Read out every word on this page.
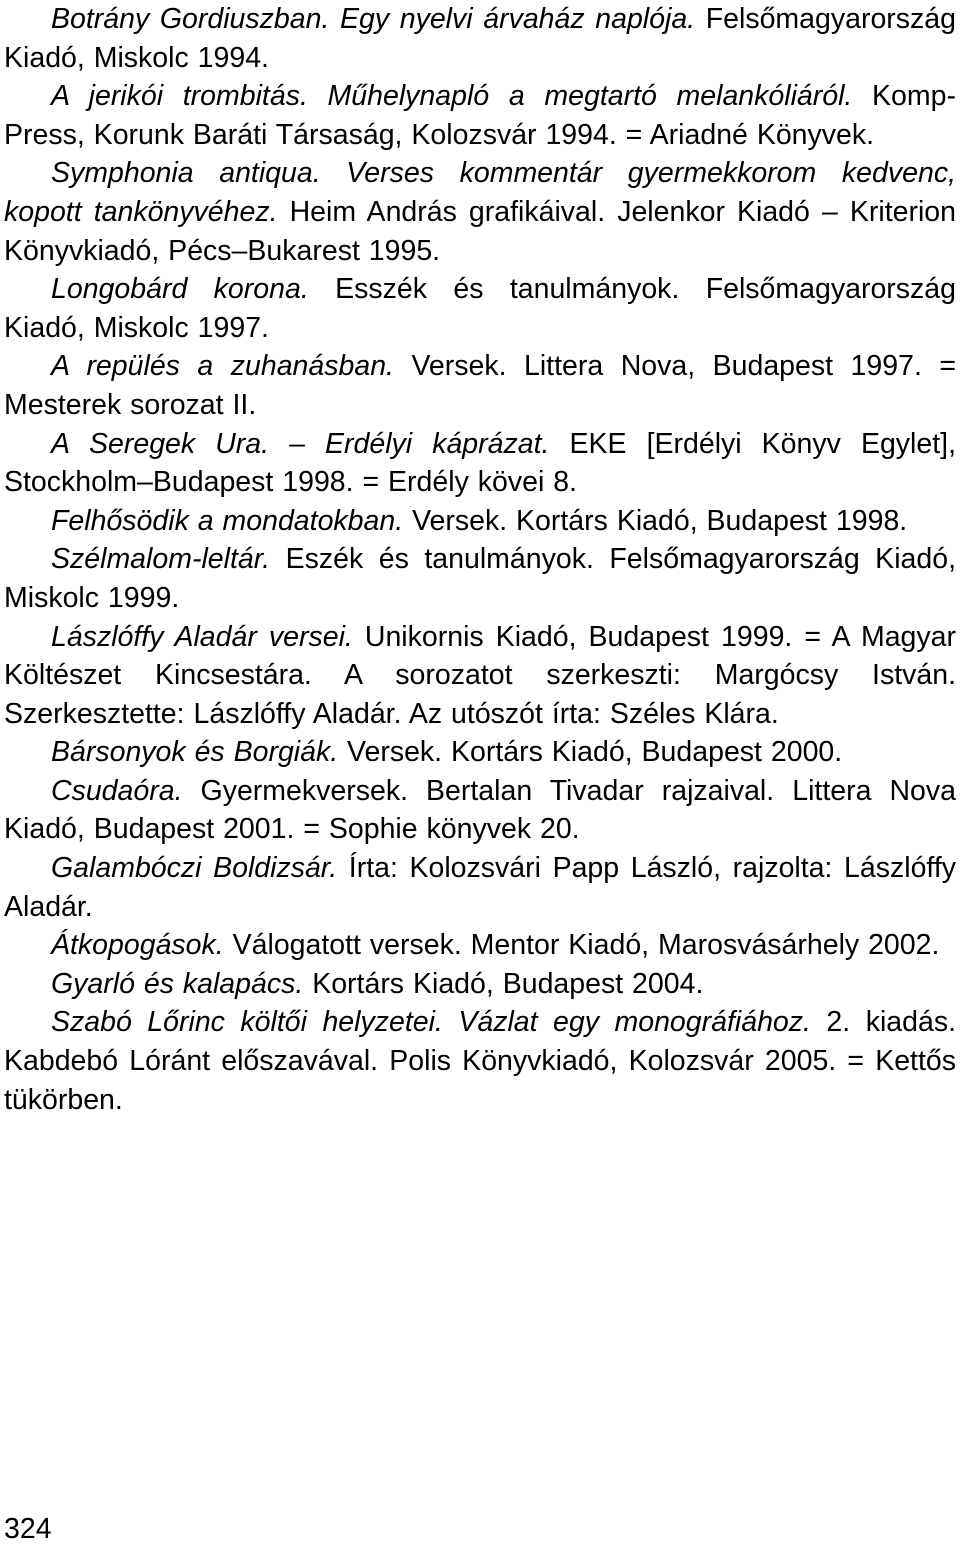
Botrány Gordiuszban. Egy nyelvi árvaház naplója. Felsőmagyarország Kiadó, Miskolc 1994.

A jerikói trombitás. Műhelynapló a megtartó melankóliáról. Komp-Press, Korunk Baráti Társaság, Kolozsvár 1994. = Ariadné Könyvek.

Symphonia antiqua. Verses kommentár gyermekkorom kedvenc, kopott tankönyvéhez. Heim András grafikáival. Jelenkor Kiadó – Kriterion Könyvkiadó, Pécs–Bukarest 1995.

Longobárd korona. Esszék és tanulmányok. Felsőmagyarország Kiadó, Miskolc 1997.

A repülés a zuhanásban. Versek. Littera Nova, Budapest 1997. = Mesterek sorozat II.

A Seregek Ura. – Erdélyi káprázat. EKE [Erdélyi Könyv Egylet], Stockholm–Budapest 1998. = Erdély kövei 8.

Felhősödik a mondatokban. Versek. Kortárs Kiadó, Budapest 1998.

Szélmalom-leltár. Eszék és tanulmányok. Felsőmagyarország Kiadó, Miskolc 1999.

Lászlóffy Aladár versei. Unikornis Kiadó, Budapest 1999. = A Magyar Költészet Kincsestára. A sorozatot szerkeszti: Margócsy István. Szerkesztette: Lászlóffy Aladár. Az utószót írta: Széles Klára.

Bársonyok és Borgiák. Versek. Kortárs Kiadó, Budapest 2000.

Csudaóra. Gyermekversek. Bertalan Tivadar rajzaival. Littera Nova Kiadó, Budapest 2001. = Sophie könyvek 20.

Galambóczi Boldizsár. Írta: Kolozsvári Papp László, rajzolta: Lászlóffy Aladár.

Átkopogások. Válogatott versek. Mentor Kiadó, Marosvásárhely 2002.

Gyarló és kalapács. Kortárs Kiadó, Budapest 2004.

Szabó Lőrinc költői helyzetei. Vázlat egy monográfiához. 2. kiadás. Kabdebó Lóránt előszavával. Polis Könyvkiadó, Kolozsvár 2005. = Kettős tükörben.

324
